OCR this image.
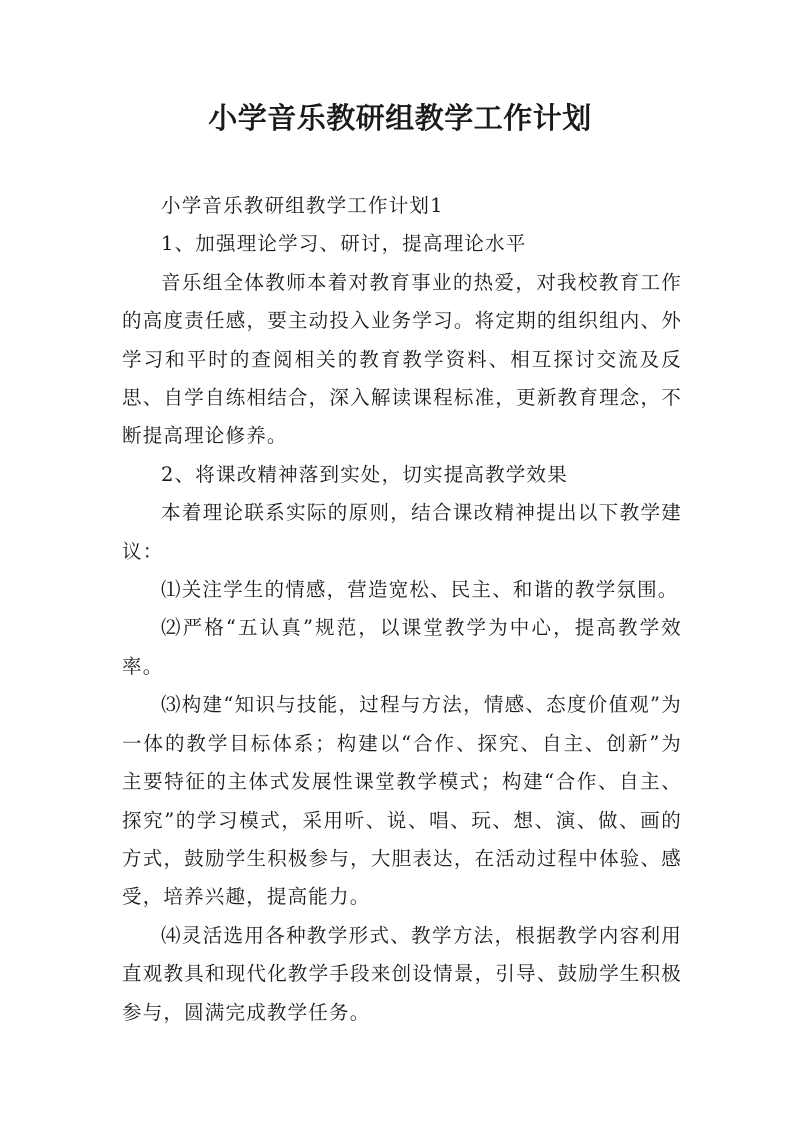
小学音乐教研组教学工作计划

小学音乐教研组教学工作计划1

1、加强理论学习、研讨，提高理论水平

音乐组全体教师本着对教育事业的热爱，对我校教育工作的高度责任感，要主动投入业务学习。将定期的组织组内、外学习和平时的查阅相关的教育教学资料、相互探讨交流及反思、自学自练相结合，深入解读课程标准，更新教育理念，不断提高理论修养。

2、将课改精神落到实处，切实提高教学效果

本着理论联系实际的原则，结合课改精神提出以下教学建议：

⑴关注学生的情感，营造宽松、民主、和谐的教学氛围。

⑵严格“五认真”规范，以课堂教学为中心，提高教学效率。

⑶构建“知识与技能，过程与方法，情感、态度价值观”为一体的教学目标体系；构建以“合作、探究、自主、创新”为主要特征的主体式发展性课堂教学模式；构建“合作、自主、探究”的学习模式，采用听、说、唱、玩、想、演、做、画的方式，鼓励学生积极参与，大胆表达，在活动过程中体验、感受，培养兴趣，提高能力。

⑷灵活选用各种教学形式、教学方法，根据教学内容利用直观教具和现代化教学手段来创设情景，引导、鼓励学生积极参与，圆满完成教学任务。
